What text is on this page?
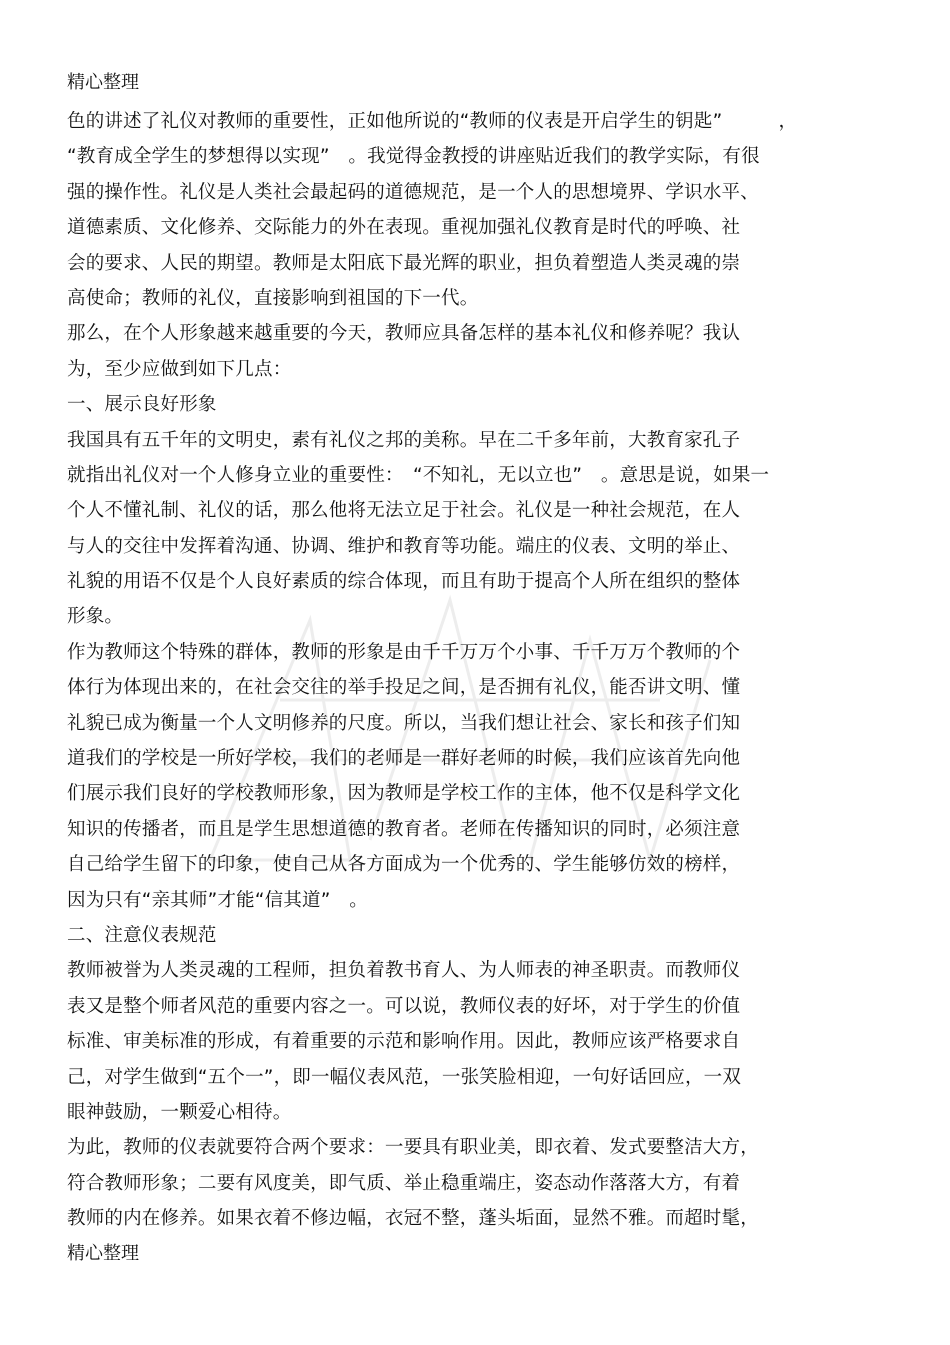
精心整理
色的讲述了礼仪对教师的重要性，正如他所说的“教师的仪表是开启学生的钥匙”　　　，
“教育成全学生的梦想得以实现”　。我觉得金教授的讲座贴近我们的教学实际，有很
强的操作性。礼仪是人类社会最起码的道德规范，是一个人的思想境界、学识水平、
道德素质、文化修养、交际能力的外在表现。重视加强礼仪教育是时代的呼唤、社
会的要求、人民的期望。教师是太阳底下最光辉的职业，担负着塑造人类灵魂的崇
高使命；教师的礼仪，直接影响到祖国的下一代。
那么，在个人形象越来越重要的今天，教师应具备怎样的基本礼仪和修养呢？我认
为，至少应做到如下几点：
一、展示良好形象
我国具有五千年的文明史，素有礼仪之邦的美称。早在二千多年前，大教育家孔子
就指出礼仪对一个人修身立业的重要性：　“不知礼，无以立也”　。意思是说，如果一
个人不懂礼制、礼仪的话，那么他将无法立足于社会。礼仪是一种社会规范，在人
与人的交往中发挥着沟通、协调、维护和教育等功能。端庄的仪表、文明的举止、
礼貌的用语不仅是个人良好素质的综合体现，而且有助于提高个人所在组织的整体
形象。
作为教师这个特殊的群体，教师的形象是由千千万万个小事、千千万万个教师的个
体行为体现出来的，在社会交往的举手投足之间，是否拥有礼仪，能否讲文明、懂
礼貌已成为衡量一个人文明修养的尺度。所以，当我们想让社会、家长和孩子们知
道我们的学校是一所好学校，我们的老师是一群好老师的时候，我们应该首先向他
们展示我们良好的学校教师形象，因为教师是学校工作的主体，他不仅是科学文化
知识的传播者，而且是学生思想道德的教育者。老师在传播知识的同时，必须注意
自己给学生留下的印象，使自己从各方面成为一个优秀的、学生能够仿效的榜样，
因为只有“亲其师”才能“信其道”　。
二、注意仪表规范
教师被誉为人类灵魂的工程师，担负着教书育人、为人师表的神圣职责。而教师仪
表又是整个师者风范的重要内容之一。可以说，教师仪表的好坏，对于学生的价值
标准、审美标准的形成，有着重要的示范和影响作用。因此，教师应该严格要求自
己，对学生做到“五个一”，即一幅仪表风范，一张笑脸相迎，一句好话回应，一双
眼神鼓励，一颗爱心相待。
为此，教师的仪表就要符合两个要求：一要具有职业美，即衣着、发式要整洁大方，
符合教师形象；二要有风度美，即气质、举止稳重端庄，姿态动作落落大方，有着
教师的内在修养。如果衣着不修边幅，衣冠不整，蓬头垢面，显然不雅。而超时髦，
精心整理
